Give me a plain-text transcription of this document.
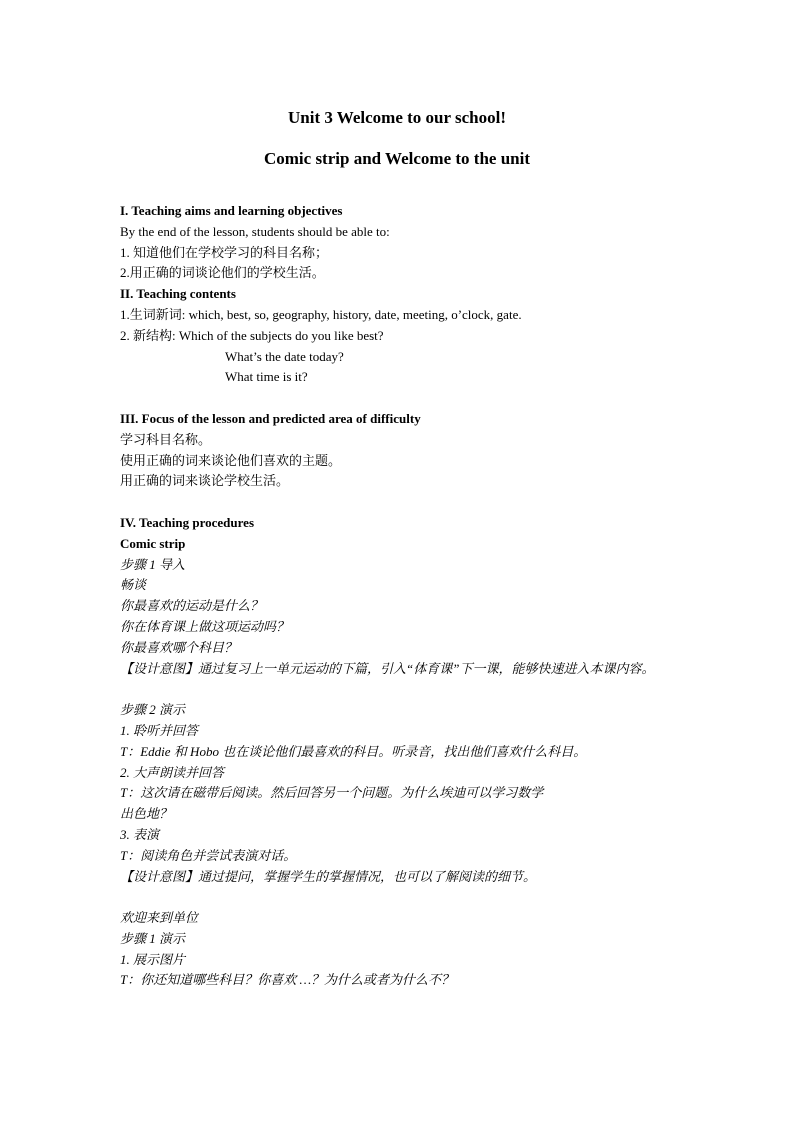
Unit 3 Welcome to our school!
Comic strip and Welcome to the unit
I. Teaching aims and learning objectives
By the end of the lesson, students should be able to:
1. 知道他们在学校学习的科目名称；
2.用正确的词谈论他们的学校生活。
II. Teaching contents
1.生词新词: which, best, so, geography, history, date, meeting, o’clock, gate.
2. 新结构: Which of the subjects do you like best?
What’s the date today?
What time is it?
III. Focus of the lesson and predicted area of difficulty
学习科目名称。
使用正确的词来谈论他们喜欢的主题。
用正确的词来谈论学校生活。
IV. Teaching procedures
Comic strip
步骤 1 导入
畅谈
你最喜欢的运动是什么？
你在体育课上做这项运动吗？
你最喜欢哪个科目？
【设计意图】通过复习上一单元运动的下篇，引入“体育课”下一课，能够快速进入本课内容。
步骤 2 演示
1. 聆听并回答
T：Eddie 和 Hobo 也在谈论他们最喜欢的科目。听录音，找出他们喜欢什么科目。
2. 大声朗读并回答
T：这次请在磁带后阅读。然后回答另一个问题。为什么埃迪可以学习数学
出色地？
3. 表演
T：阅读角色并尝试表演对话。
【设计意图】通过提问，掌握学生的掌握情况，也可以了解阅读的细节。
欢迎来到单位
步骤 1 演示
1. 展示图片
T：你还知道哪些科目？你喜欢 …？为什么或者为什么不？
